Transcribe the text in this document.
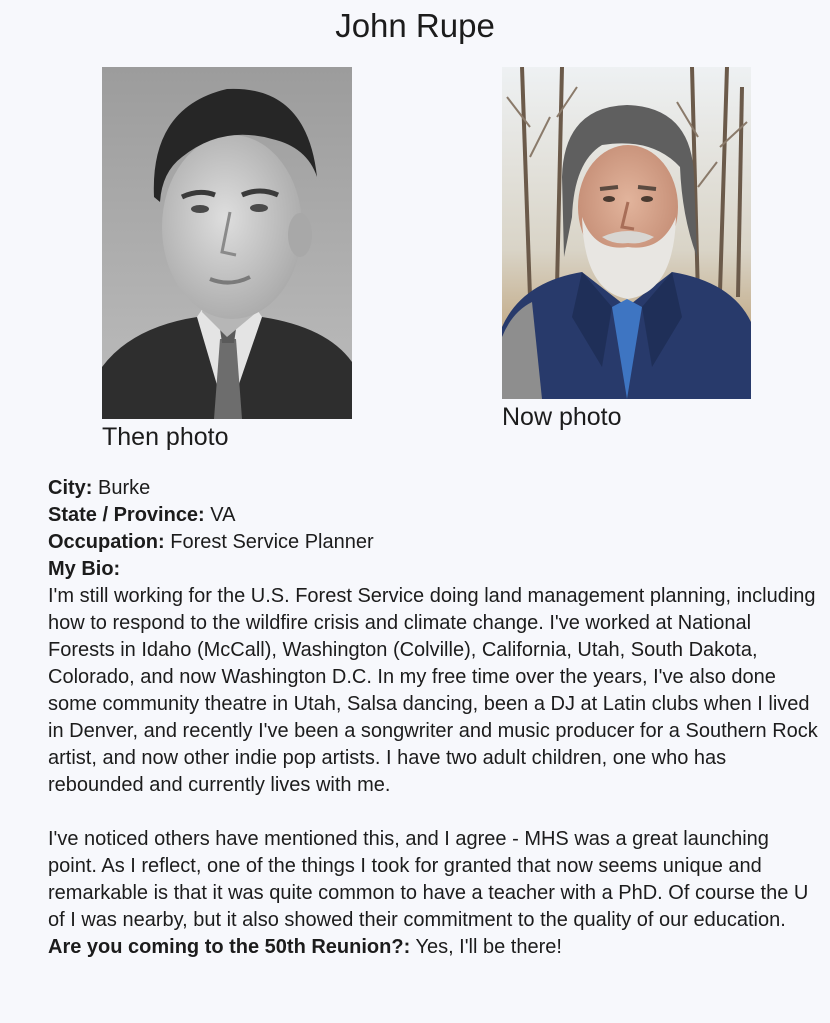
John Rupe
Then photo
Now photo
City: Burke
State / Province: VA
Occupation: Forest Service Planner
My Bio:

I'm still working for the U.S. Forest Service doing land management planning, including how to respond to the wildfire crisis and climate change. I've worked at National Forests in Idaho (McCall), Washington (Colville), California, Utah, South Dakota, Colorado, and now Washington D.C. In my free time over the years, I've also done some community theatre in Utah, Salsa dancing, been a DJ at Latin clubs when I lived in Denver, and recently I've been a songwriter and music producer for a Southern Rock artist, and now other indie pop artists. I have two adult children, one who has rebounded and currently lives with me.

I've noticed others have mentioned this, and I agree - MHS was a great launching point. As I reflect, one of the things I took for granted that now seems unique and remarkable is that it was quite common to have a teacher with a PhD. Of course the U of I was nearby, but it also showed their commitment to the quality of our education.

Are you coming to the 50th Reunion?: Yes, I'll be there!
